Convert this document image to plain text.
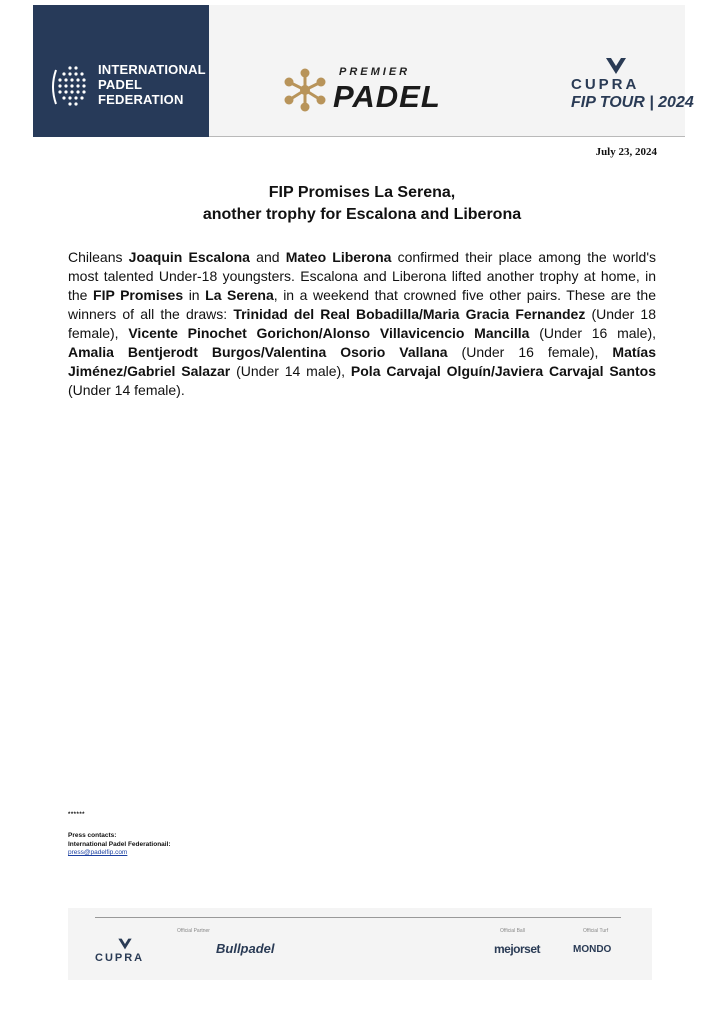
INTERNATIONAL
PADEL
FEDERATION
PREMIER
PADEL	CUPRA
FIP TOUR | 2024
July 23, 2024
FIP Promises La Serena,
another trophy for Escalona and Liberona
Chileans Joaquin Escalona and Mateo Liberona confirmed their place among the world's most talented Under-18 youngsters. Escalona and Liberona lifted another trophy at home, in the FIP Promises in La Serena, in a weekend that crowned five other pairs. These are the winners of all the draws: Trinidad del Real Bobadilla/Maria Gracia Fernandez (Under 18 female), Vicente Pinochet Gorichon/Alonso Villavicencio Mancilla (Under 16 male), Amalia Bentjerodt Burgos/Valentina Osorio Vallana (Under 16 female), Matías Jiménez/Gabriel Salazar (Under 14 male), Pola Carvajal Olguín/Javiera Carvajal Santos (Under 14 female).
******
Press contacts:
International Padel Federationail:
press@padelfip.com
Official Partner	Official Ball	Official Turf
CUPRA
Bullpadel	mejorset	MONDO
